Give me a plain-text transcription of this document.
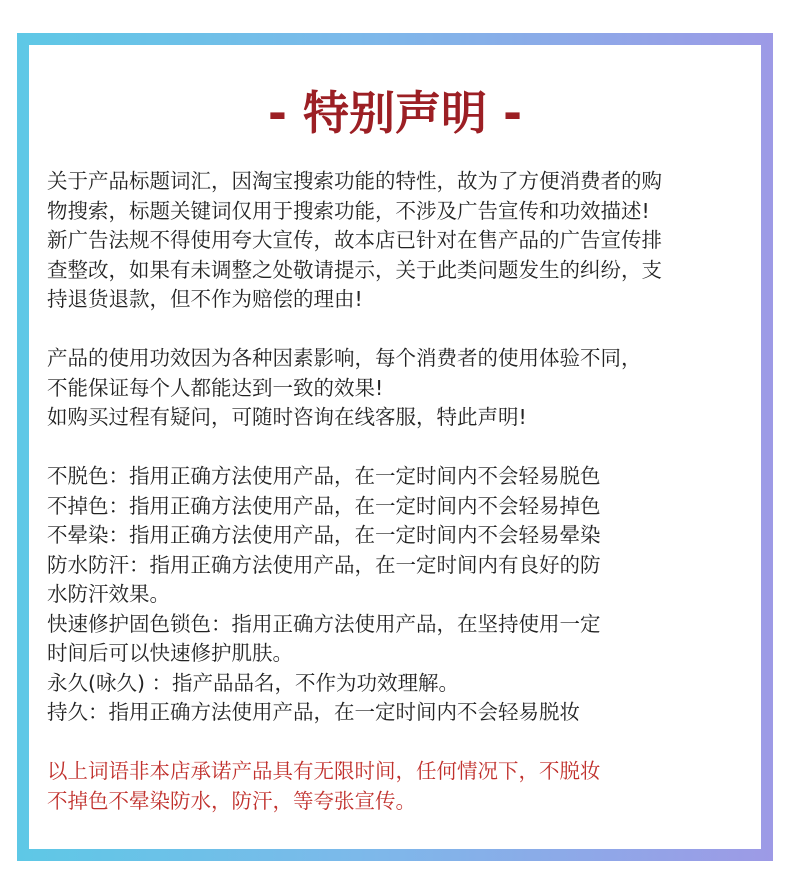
- 特别声明 -
关于产品标题词汇，因淘宝搜索功能的特性，故为了方便消费者的购
物搜索，标题关键词仅用于搜索功能，不涉及广告宣传和功效描述!
新广告法规不得使用夸大宣传，故本店已针对在售产品的广告宣传排
查整改，如果有未调整之处敬请提示，关于此类问题发生的纠纷，支
持退货退款，但不作为赔偿的理由!
产品的使用功效因为各种因素影响，每个消费者的使用体验不同，
不能保证每个人都能达到一致的效果!
如购买过程有疑问，可随时咨询在线客服，特此声明!
不脱色：指用正确方法使用产品，在一定时间内不会轻易脱色
不掉色：指用正确方法使用产品，在一定时间内不会轻易掉色
不晕染：指用正确方法使用产品，在一定时间内不会轻易晕染
防水防汗：指用正确方法使用产品，在一定时间内有良好的防
水防汗效果。
快速修护固色锁色：指用正确方法使用产品，在坚持使用一定
时间后可以快速修护肌肤。
永久(咏久) ：指产品品名，不作为功效理解。
持久：指用正确方法使用产品，在一定时间内不会轻易脱妆
以上词语非本店承诺产品具有无限时间，任何情况下，不脱妆
不掉色不晕染防水，防汗，等夸张宣传。
